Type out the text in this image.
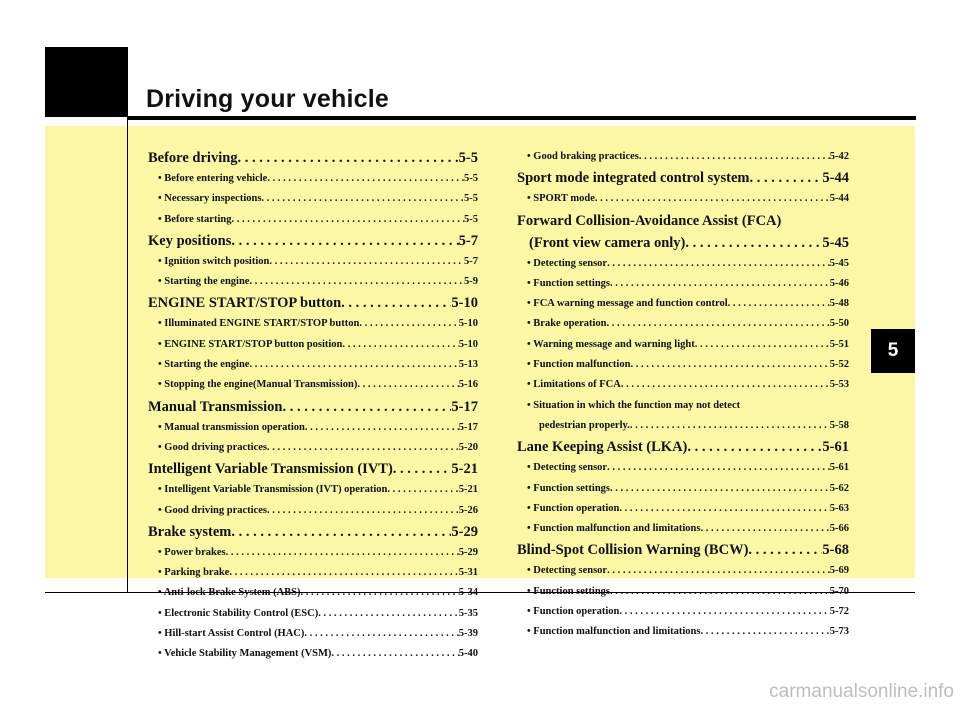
Driving your vehicle
5
Before driving . . .	5-5
• Before entering vehicle . . .	5-5
• Necessary inspections . . .	5-5
• Before starting . . .	5-5
Key positions . . .	5-7
• Ignition switch position . . .	5-7
• Starting the engine . . .	5-9
ENGINE START/STOP button . . .	5-10
• Illuminated ENGINE START/STOP button . . .	5-10
• ENGINE START/STOP button position . . .	5-10
• Starting the engine . . .	5-13
• Stopping the engine(Manual Transmission) . . .	5-16
Manual Transmission . . .	5-17
• Manual transmission operation . . .	5-17
• Good driving practices . . .	5-20
Intelligent Variable Transmission (IVT) . . .	5-21
• Intelligent Variable Transmission (IVT) operation . . .	5-21
• Good driving practices . . .	5-26
Brake system . . .	5-29
• Power brakes . . .	5-29
• Parking brake . . .	5-31
• Anti-lock Brake System (ABS) . . .	5-34
• Electronic Stability Control (ESC) . . .	5-35
• Hill-start Assist Control (HAC) . . .	5-39
• Vehicle Stability Management (VSM) . . .	5-40
• Good braking practices . . .	5-42
Sport mode integrated control system . . .	5-44
• SPORT mode . . .	5-44
Forward Collision-Avoidance Assist (FCA)
(Front view camera only) . . .	5-45
• Detecting sensor . . .	5-45
• Function settings . . .	5-46
• FCA warning message and function control . . .	5-48
• Brake operation . . .	5-50
• Warning message and warning light . . .	5-51
• Function malfunction . . .	5-52
• Limitations of FCA . . .	5-53
• Situation in which the function may not detect
pedestrian properly. . . .	5-58
Lane Keeping Assist (LKA) . . .	5-61
• Detecting sensor . . .	5-61
• Function settings . . .	5-62
• Function operation . . .	5-63
• Function malfunction and limitations . . .	5-66
Blind-Spot Collision Warning (BCW) . . .	5-68
• Detecting sensor . . .	5-69
• Function settings . . .	5-70
• Function operation . . .	5-72
• Function malfunction and limitations . . .	5-73
carmanualsonline.info
